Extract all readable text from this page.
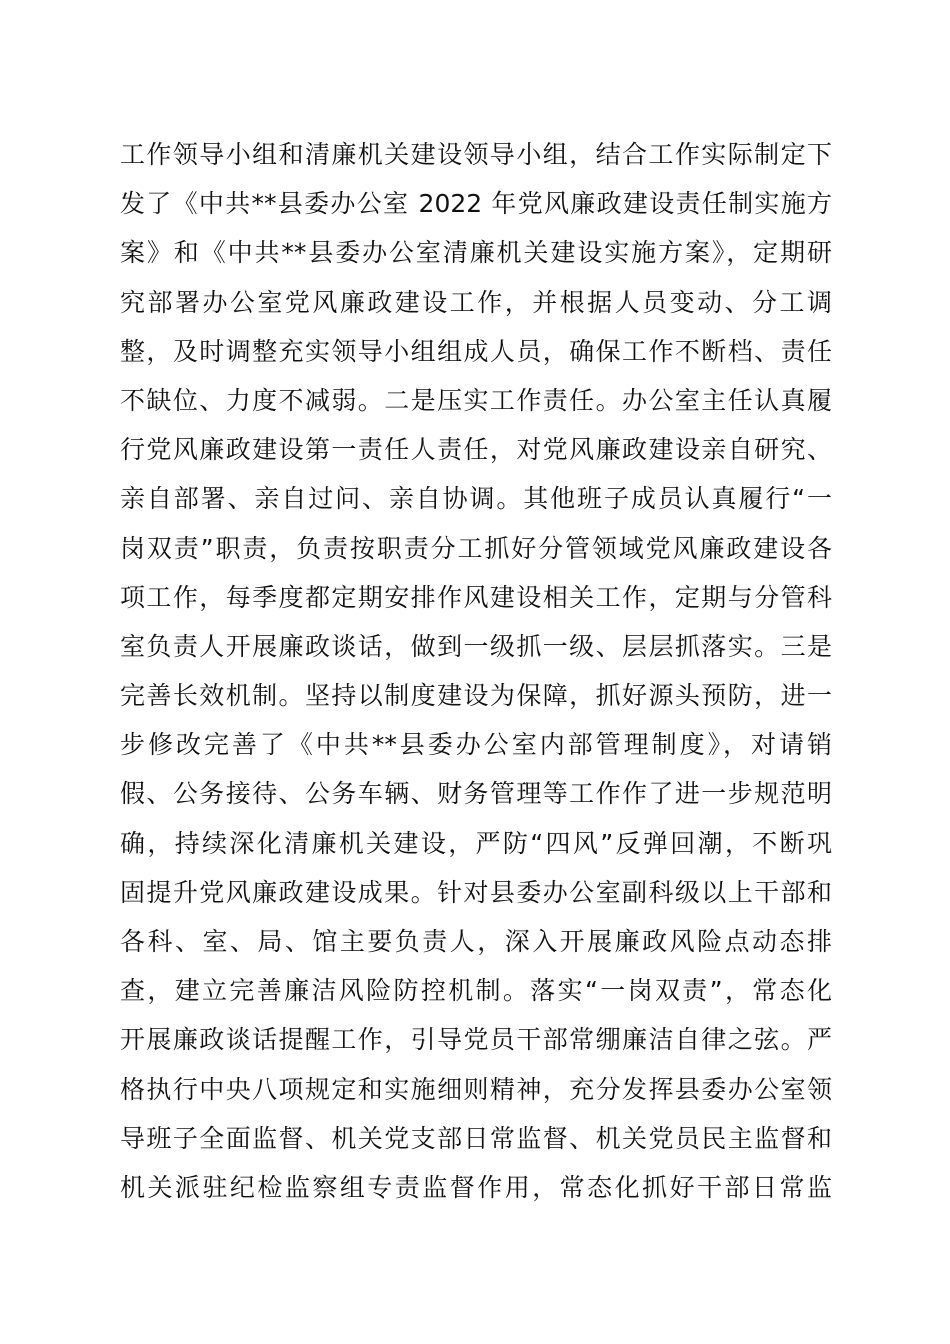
工作领导小组和清廉机关建设领导小组，结合工作实际制定下
发了《中共**县委办公室 2022 年党风廉政建设责任制实施方
案》和《中共**县委办公室清廉机关建设实施方案》，定期研
究部署办公室党风廉政建设工作，并根据人员变动、分工调
整，及时调整充实领导小组组成人员，确保工作不断档、责任
不缺位、力度不减弱。二是压实工作责任。办公室主任认真履
行党风廉政建设第一责任人责任，对党风廉政建设亲自研究、
亲自部署、亲自过问、亲自协调。其他班子成员认真履行“一
岗双责”职责，负责按职责分工抓好分管领域党风廉政建设各
项工作，每季度都定期安排作风建设相关工作，定期与分管科
室负责人开展廉政谈话，做到一级抓一级、层层抓落实。三是
完善长效机制。坚持以制度建设为保障，抓好源头预防，进一
步修改完善了《中共**县委办公室内部管理制度》，对请销
假、公务接待、公务车辆、财务管理等工作作了进一步规范明
确，持续深化清廉机关建设，严防“四风”反弹回潮，不断巩
固提升党风廉政建设成果。针对县委办公室副科级以上干部和
各科、室、局、馆主要负责人，深入开展廉政风险点动态排
查，建立完善廉洁风险防控机制。落实“一岗双责”，常态化
开展廉政谈话提醒工作，引导党员干部常绷廉洁自律之弦。严
格执行中央八项规定和实施细则精神，充分发挥县委办公室领
导班子全面监督、机关党支部日常监督、机关党员民主监督和
机关派驻纪检监察组专责监督作用，常态化抓好干部日常监
